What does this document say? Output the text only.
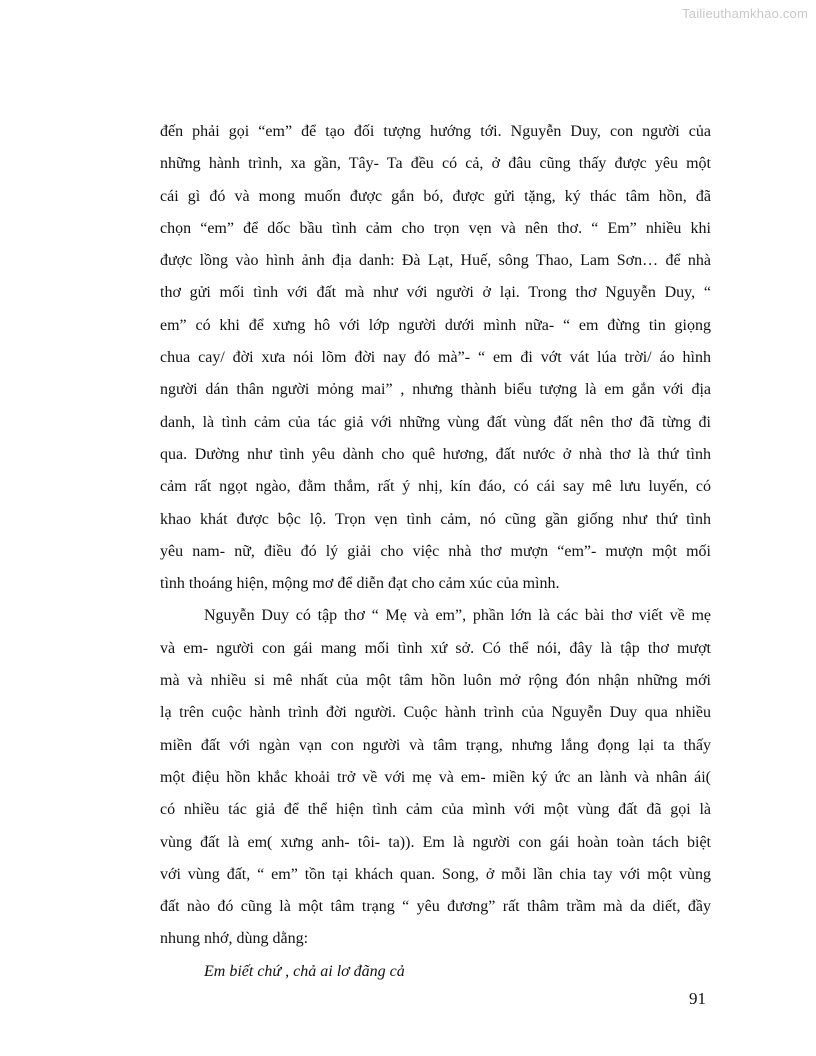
Tailieuthamkhao.com
đến phải gọi “em” để tạo đối tượng hướng tới. Nguyễn Duy, con người của
những hành trình, xa gần, Tây- Ta đều có cả, ở đâu cũng thấy được yêu một
cái gì đó và mong muốn được gắn bó, được gửi tặng, ký thác tâm hồn, đã
chọn “em” để dốc bầu tình cảm cho trọn vẹn và nên thơ. “ Em” nhiều khi
được lồng vào hình ảnh địa danh: Đà Lạt, Huế, sông Thao, Lam Sơn… để nhà
thơ gửi mối tình với đất mà như với người ở lại. Trong thơ Nguyễn Duy, “
em” có khi để xưng hô với lớp người dưới mình nữa- “ em đừng tin giọng
chua cay/ đời xưa nói lõm đời nay đó mà”- “ em đi vớt vát lúa trời/ áo hình
người dán thân người mỏng mai” , nhưng thành biểu tượng là em gắn với địa
danh, là tình cảm của tác giả với những vùng đất vùng đất nên thơ đã từng đi
qua. Dường như tình yêu dành cho quê hương, đất nước ở nhà thơ là thứ tình
cảm rất ngọt ngào, đằm thắm, rất ý nhị, kín đáo, có cái say mê lưu luyến, có
khao khát được bộc lộ. Trọn vẹn tình cảm, nó cũng gần giống như thứ tình
yêu nam- nữ, điều đó lý giải cho việc nhà thơ mượn “em”- mượn một mối
tình thoáng hiện, mộng mơ để diễn đạt cho cảm xúc của mình.
Nguyễn Duy có tập thơ “ Mẹ và em”, phần lớn là các bài thơ viết về mẹ
và em- người con gái mang mối tình xứ sở. Có thể nói, đây là tập thơ mượt
mà và nhiều si mê nhất của một tâm hồn luôn mở rộng đón nhận những mới
lạ trên cuộc hành trình đời người. Cuộc hành trình của Nguyễn Duy qua nhiều
miền đất với ngàn vạn con người và tâm trạng, nhưng lắng đọng lại ta thấy
một điệu hồn khắc khoải trở về với mẹ và em- miền ký ức an lành và nhân ái(
có nhiều tác giả để thể hiện tình cảm của mình với một vùng đất đã gọi là
vùng đất là em( xưng anh- tôi- ta)). Em là người con gái hoàn toàn tách biệt
với vùng đất, “ em” tồn tại khách quan. Song, ở mỗi lần chia tay với một vùng
đất nào đó cũng là một tâm trạng “ yêu đương” rất thâm trầm mà da diết, đầy
nhung nhớ, dùng dằng:
Em biết chứ , chả ai lơ đãng cả
91
